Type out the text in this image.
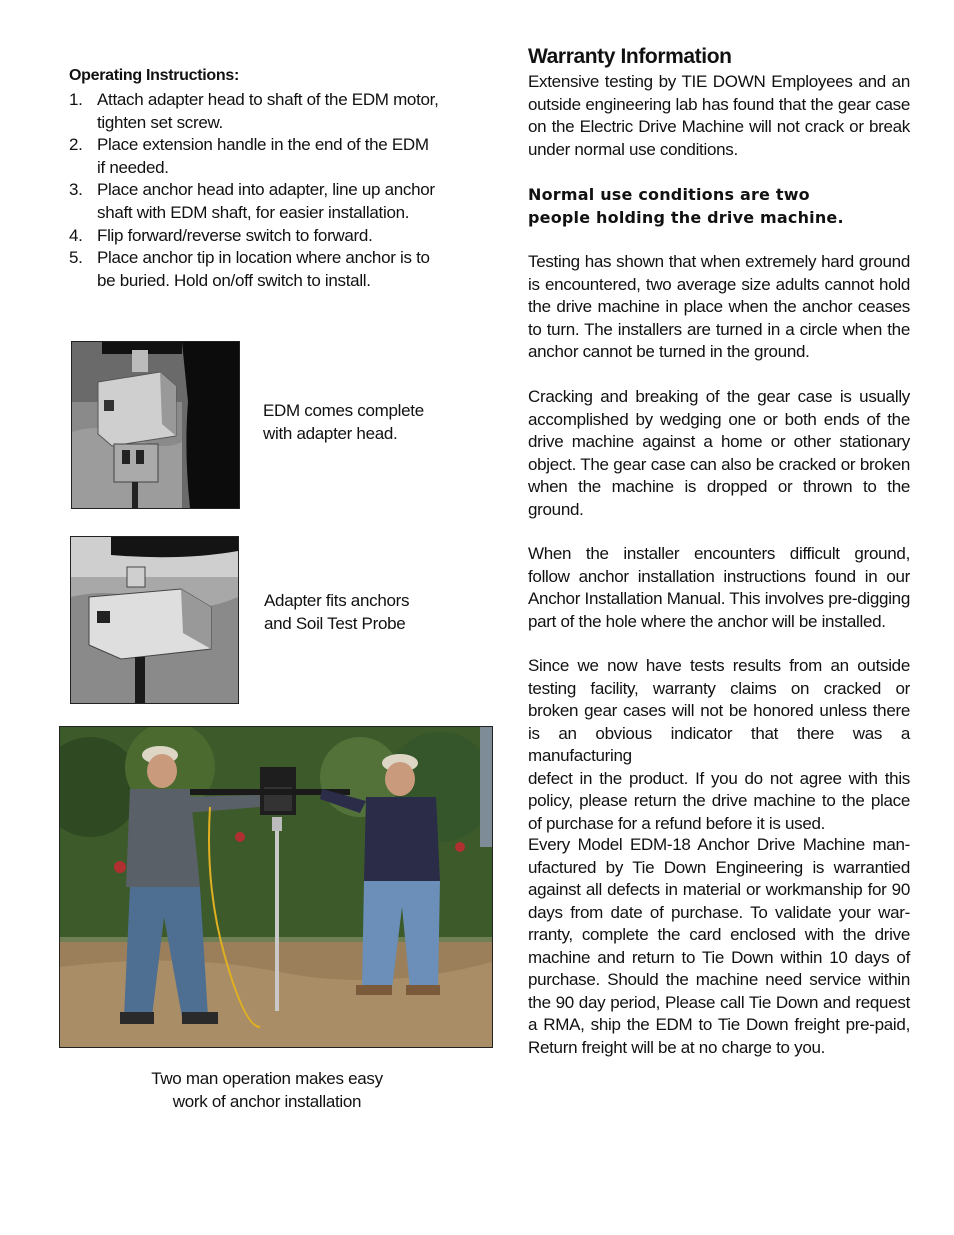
Operating Instructions:
1. Attach adapter head to shaft of the EDM motor,
tighten set screw.
2. Place extension handle in the end of the EDM
if needed.
3. Place anchor head into adapter, line up anchor
shaft with EDM shaft, for easier installation.
4. Flip forward/reverse switch to forward.
5. Place anchor tip in location where anchor is to
be buried. Hold on/off switch to install.
EDM comes complete
with adapter head.
Adapter fits anchors
and Soil Test Probe
Two man operation makes easy
work of anchor installation
Warranty Information

Extensive testing by TIE DOWN Employees and an
outside engineering lab has found that the gear case
on the Electric Drive Machine will not crack or break
under normal use conditions.

Normal use conditions are two
people holding the drive machine.

Testing has shown that when extremely hard ground
is encountered, two average size adults cannot hold
the drive machine in place when the anchor ceases
to turn. The installers are turned in a circle when the
anchor cannot be turned in the ground.

Cracking and breaking of the gear case is usually
accomplished by wedging one or both ends of the
drive machine against a home or other stationary
object. The gear case can also be cracked or broken
when the machine is dropped or thrown to the
ground.

When the installer encounters difficult ground,
follow anchor installation instructions found in our
Anchor Installation Manual. This involves pre-digging
part of the hole where the anchor will be installed.

Since we now have tests results from an outside
testing facility, warranty claims on cracked or
broken gear cases will not be honored unless there
is an obvious indicator that there was a manufacturing
defect in the product. If you do not agree with this
policy, please return the drive machine to the place
of purchase for a refund before it is used.

Every Model EDM-18 Anchor Drive Machine man-
ufactured by Tie Down Engineering is warrantied
against all defects in material or workmanship for 90
days from date of purchase. To validate your war-
rranty, complete the card enclosed with the drive
machine and return to Tie Down within 10 days of
purchase. Should the machine need service within
the 90 day period, Please call Tie Down and request
a RMA, ship the EDM to Tie Down freight pre-paid,
Return freight will be at no charge to you.
